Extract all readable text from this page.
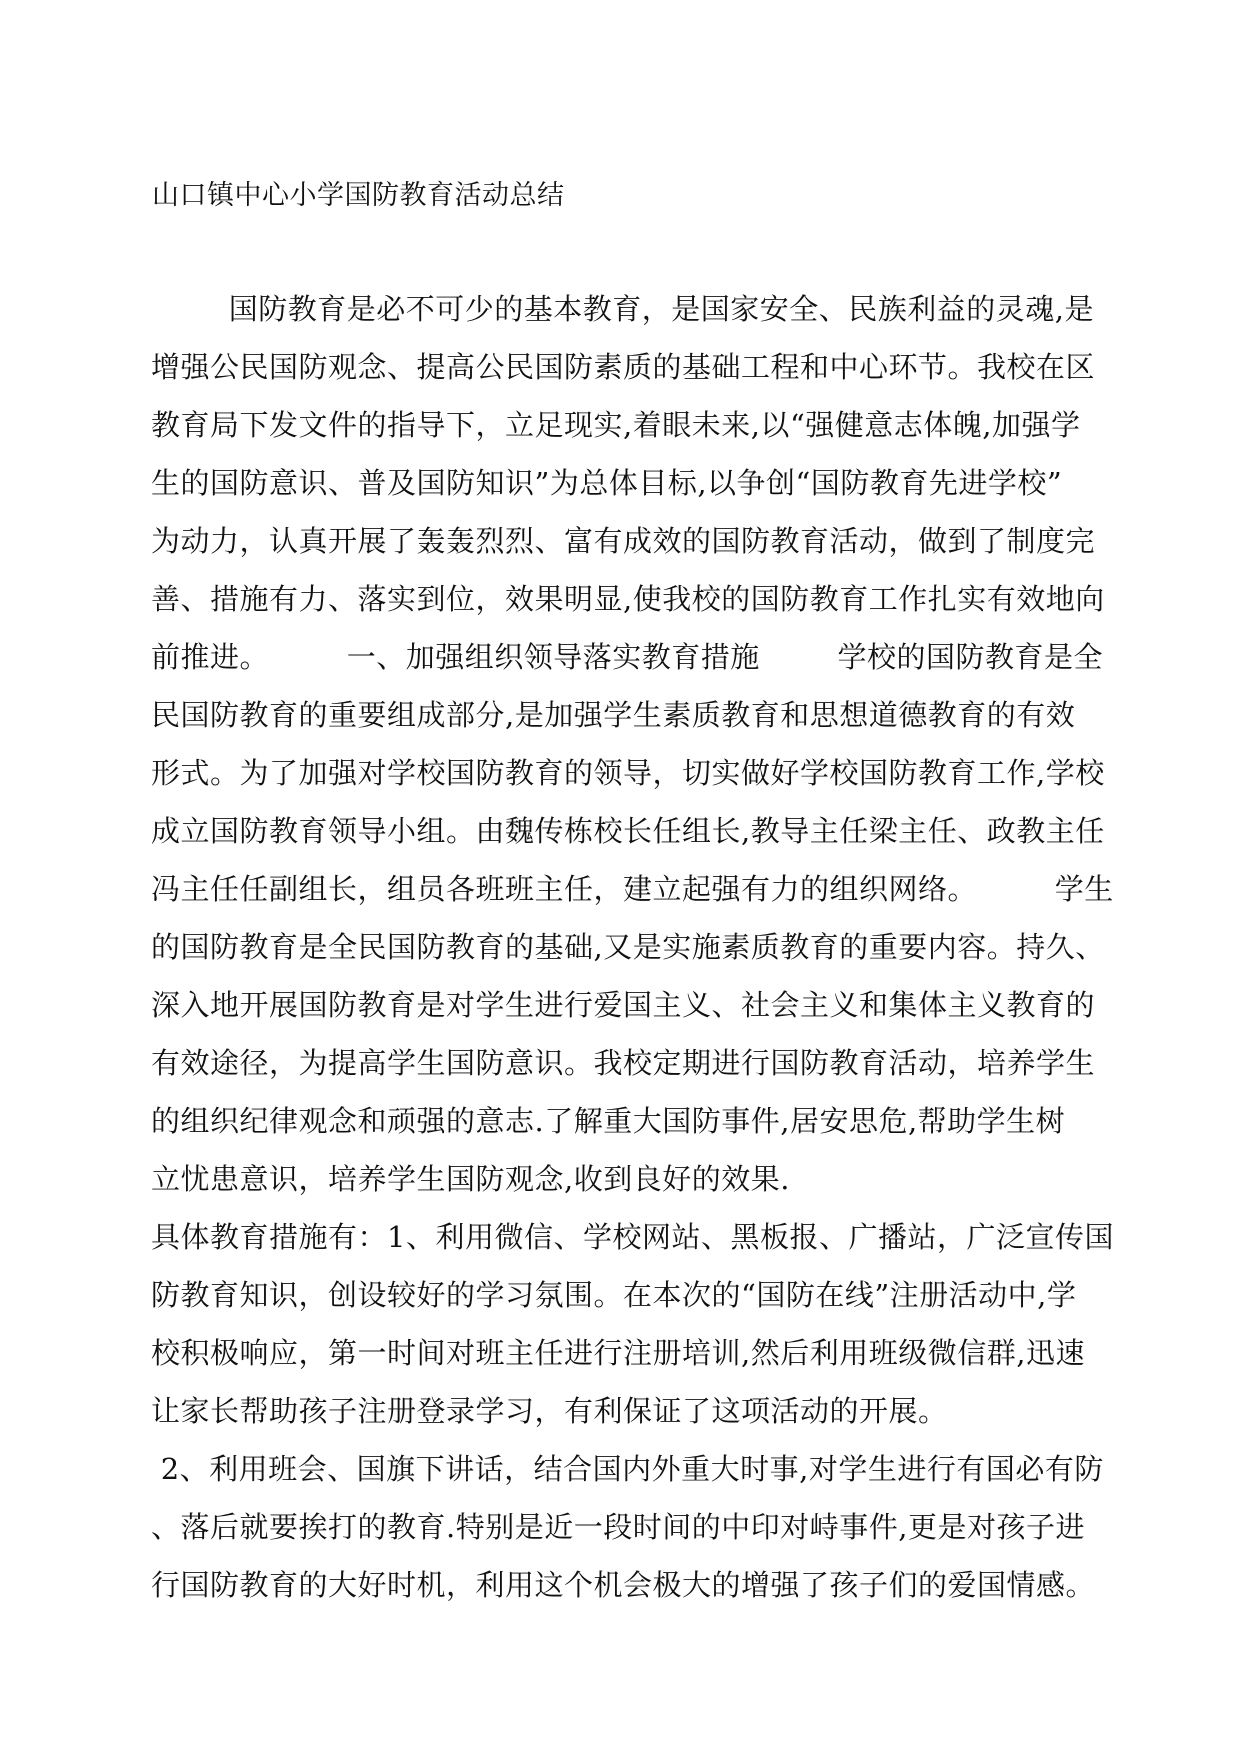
山口镇中心小学国防教育活动总结
国防教育是必不可少的基本教育，是国家安全、民族利益的灵魂,是
增强公民国防观念、提高公民国防素质的基础工程和中心环节。我校在区
教育局下发文件的指导下，立足现实,着眼未来,以“强健意志体魄,加强学
生的国防意识、普及国防知识”为总体目标,以争创“国防教育先进学校”
为动力，认真开展了轰轰烈烈、富有成效的国防教育活动，做到了制度完
善、措施有力、落实到位，效果明显,使我校的国防教育工作扎实有效地向
前推进。        一、加强组织领导落实教育措施        学校的国防教育是全
民国防教育的重要组成部分,是加强学生素质教育和思想道德教育的有效
形式。为了加强对学校国防教育的领导，切实做好学校国防教育工作,学校
成立国防教育领导小组。由魏传栋校长任组长,教导主任梁主任、政教主任
冯主任任副组长，组员各班班主任，建立起强有力的组织网络。        学生
的国防教育是全民国防教育的基础,又是实施素质教育的重要内容。持久、
深入地开展国防教育是对学生进行爱国主义、社会主义和集体主义教育的
有效途径，为提高学生国防意识。我校定期进行国防教育活动，培养学生
的组织纪律观念和顽强的意志.了解重大国防事件,居安思危,帮助学生树
立忧患意识，培养学生国防观念,收到良好的效果.
具体教育措施有：1、利用微信、学校网站、黑板报、广播站，广泛宣传国
防教育知识，创设较好的学习氛围。在本次的“国防在线”注册活动中,学
校积极响应，第一时间对班主任进行注册培训,然后利用班级微信群,迅速
让家长帮助孩子注册登录学习，有利保证了这项活动的开展。
2、利用班会、国旗下讲话，结合国内外重大时事,对学生进行有国必有防
、落后就要挨打的教育.特别是近一段时间的中印对峙事件,更是对孩子进
行国防教育的大好时机，利用这个机会极大的增强了孩子们的爱国情感。
